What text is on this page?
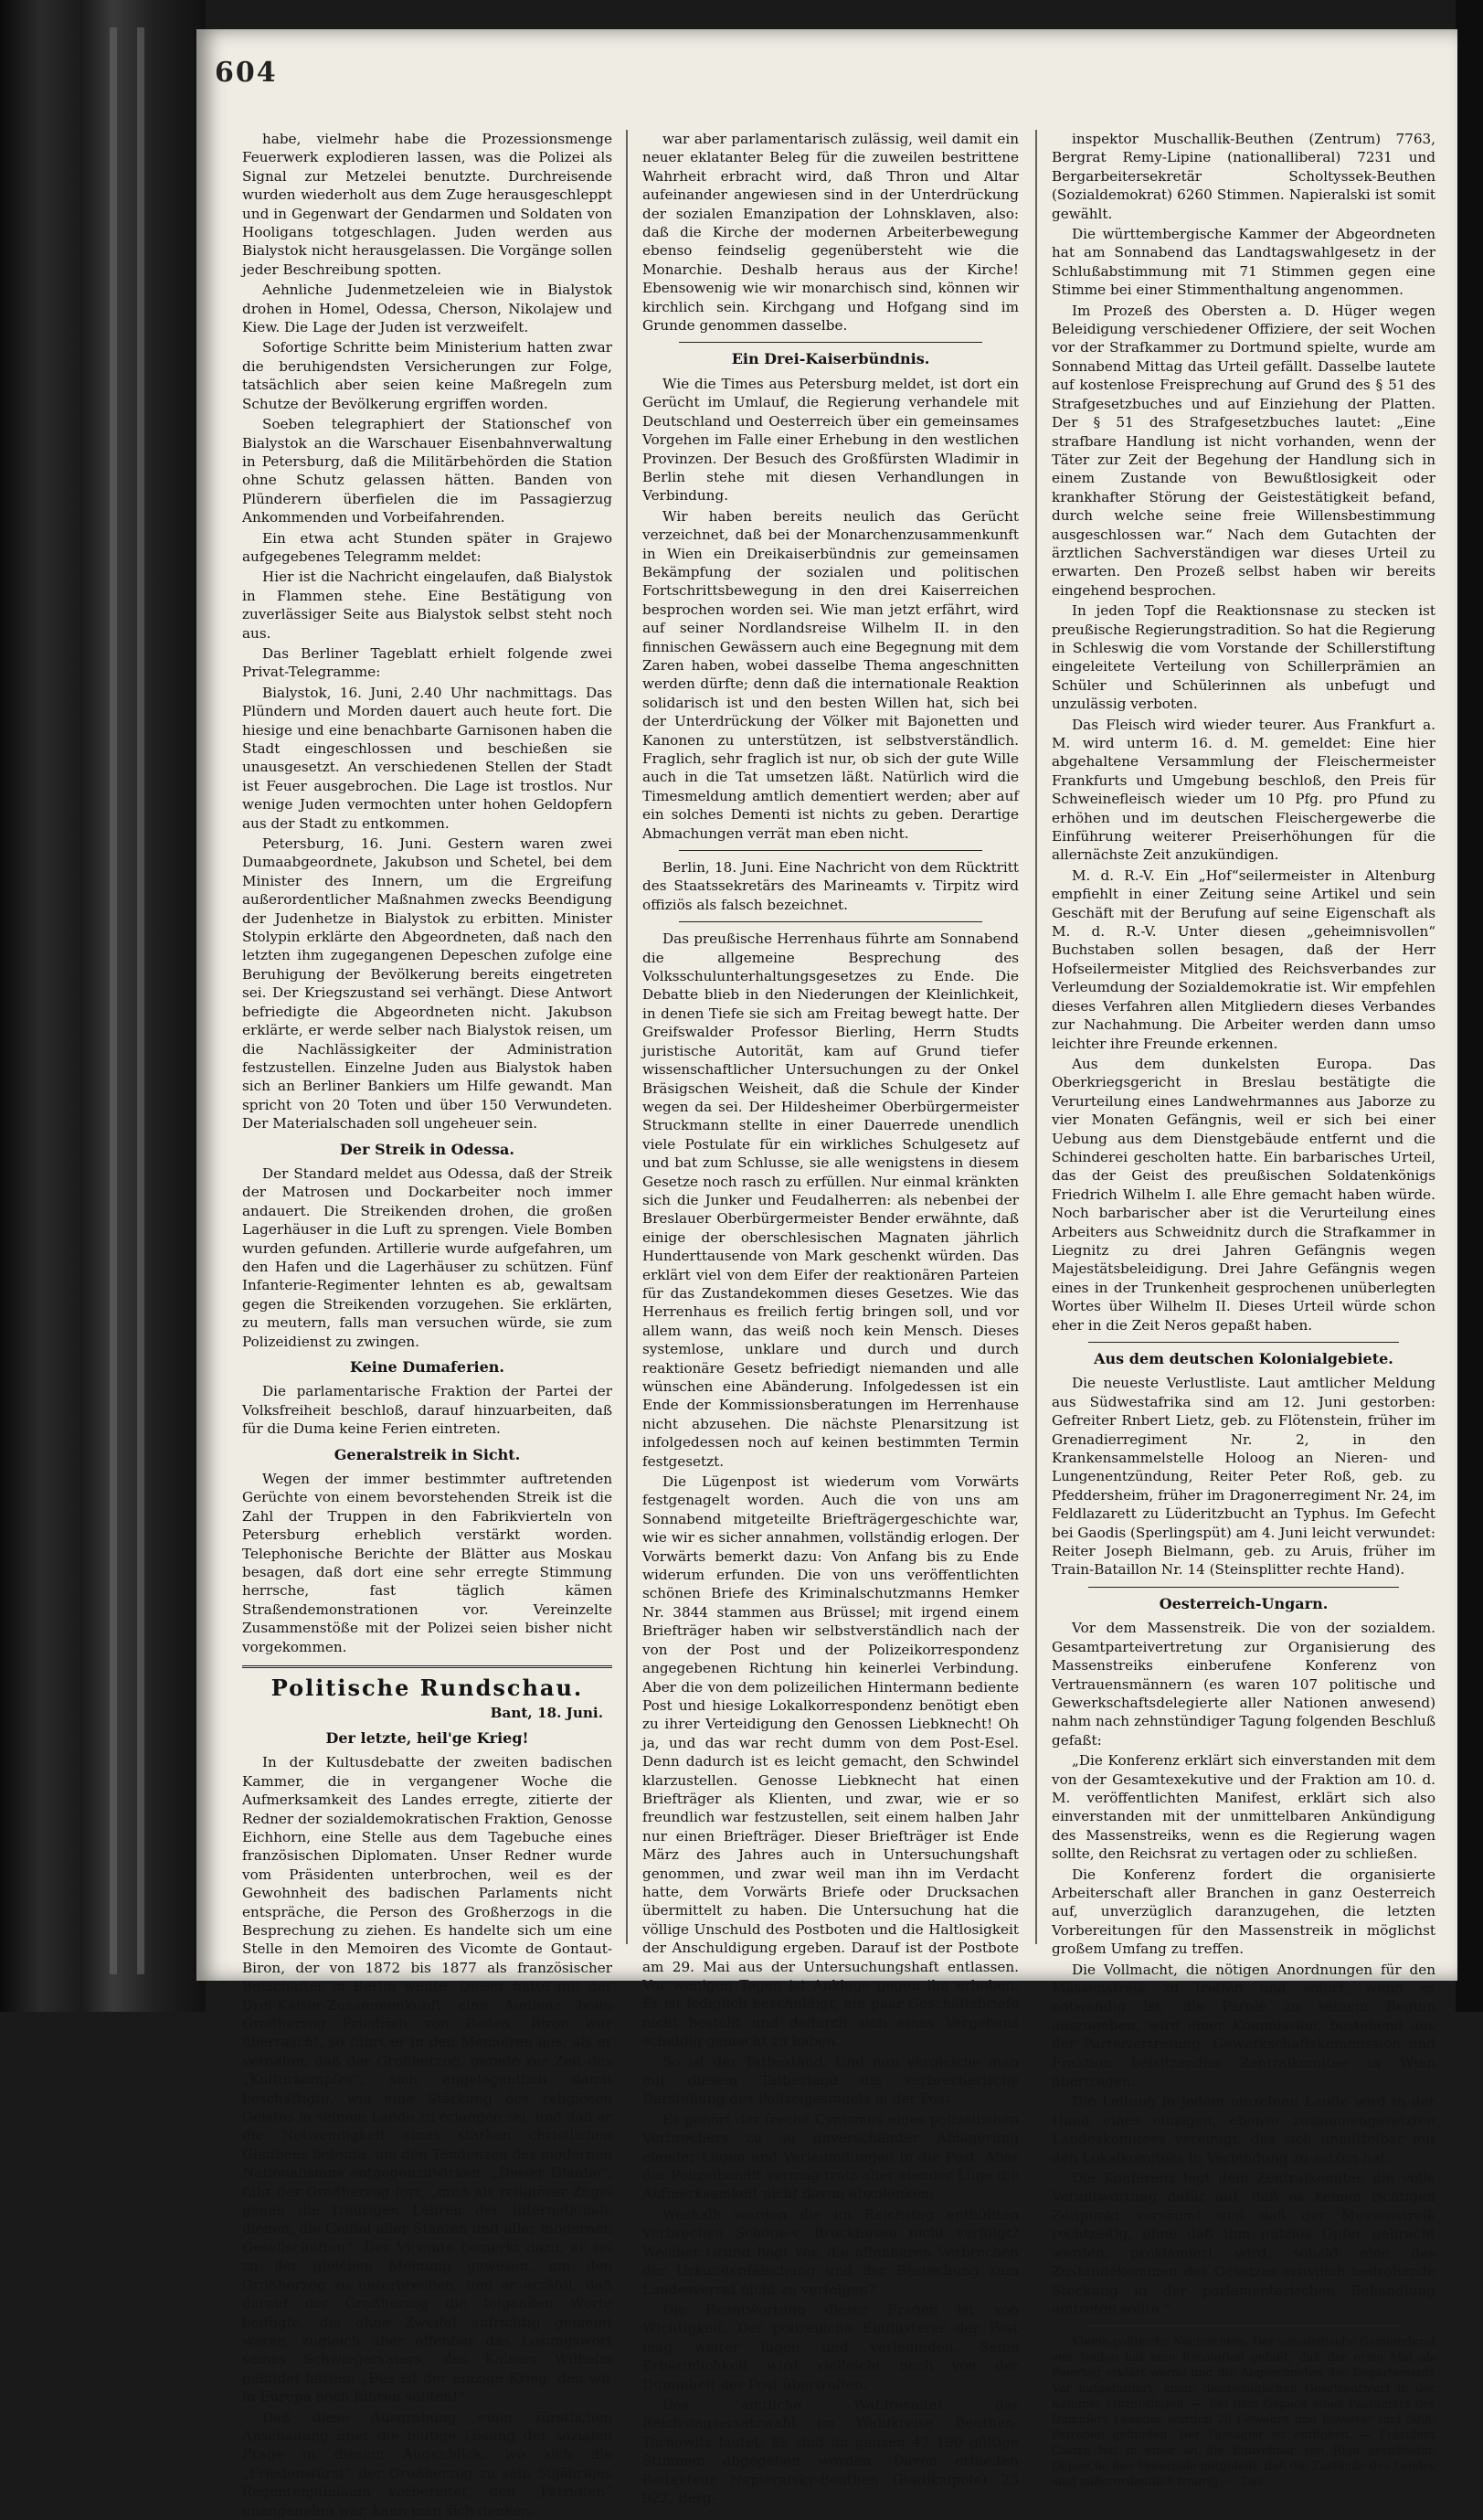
604

habe, vielmehr habe die Prozessionsmenge Feuerwerk explodieren lassen, was die Polizei als Signal zur Metzelei benutzte. Durchreisende wurden wiederholt aus dem Zuge herausgeschleppt und in Gegenwart der Gendarmen und Soldaten von Hooligans totgeschlagen. Juden werden aus Bialystok nicht herausgelassen. Die Vorgänge sollen jeder Beschreibung spotten.

Aehnliche Judenmetzeleien wie in Bialystok drohen in Homel, Odessa, Cherson, Nikolajew und Kiew. Die Lage der Juden ist verzweifelt.

Sofortige Schritte beim Ministerium hatten zwar die beruhigendsten Versicherungen zur Folge, tatsächlich aber seien keine Maßregeln zum Schutze der Bevölkerung ergriffen worden.

Soeben telegraphiert der Stationschef von Bialystok an die Warschauer Eisenbahnverwaltung in Petersburg, daß die Militärbehörden die Station ohne Schutz gelassen hätten. Banden von Plünderern überfielen die im Passagierzug Ankommenden und Vorbeifahrenden.

Ein etwa acht Stunden später in Grajewo aufgegebenes Telegramm meldet:

Hier ist die Nachricht eingelaufen, daß Bialystok in Flammen stehe. Eine Bestätigung von zuverlässiger Seite aus Bialystok selbst steht noch aus.

Das Berliner Tageblatt erhielt folgende zwei Privat-Telegramme:

Bialystok, 16. Juni, 2.40 Uhr nachmittags. Das Plündern und Morden dauert auch heute fort. Die hiesige und eine benachbarte Garnisonen haben die Stadt eingeschlossen und beschießen sie unausgesetzt. An verschiedenen Stellen der Stadt ist Feuer ausgebrochen. Die Lage ist trostlos. Nur wenige Juden vermochten unter hohen Geldopfern aus der Stadt zu entkommen.

Petersburg, 16. Juni. Gestern waren zwei Dumaabgeordnete, Jakubson und Schetel, bei dem Minister des Innern, um die Ergreifung außerordentlicher Maßnahmen zwecks Beendigung der Judenhetze in Bialystok zu erbitten. Minister Stolypin erklärte den Abgeordneten, daß nach den letzten ihm zugegangenen Depeschen zufolge eine Beruhigung der Bevölkerung bereits eingetreten sei. Der Kriegszustand sei verhängt. Diese Antwort befriedigte die Abgeordneten nicht. Jakubson erklärte, er werde selber nach Bialystok reisen, um die Nachlässigkeiter der Administration festzustellen. Einzelne Juden aus Bialystok haben sich an Berliner Bankiers um Hilfe gewandt. Man spricht von 20 Toten und über 150 Verwundeten. Der Materialschaden soll ungeheuer sein.

Der Streik in Odessa.

Der Standard meldet aus Odessa, daß der Streik der Matrosen und Dockarbeiter noch immer andauert. Die Streikenden drohen, die großen Lagerhäuser in die Luft zu sprengen. Viele Bomben wurden gefunden. Artillerie wurde aufgefahren, um den Hafen und die Lagerhäuser zu schützen. Fünf Infanterie-Regimenter lehnten es ab, gewaltsam gegen die Streikenden vorzugehen. Sie erklärten, zu meutern, falls man versuchen würde, sie zum Polizeidienst zu zwingen.

Keine Dumaferien.

Die parlamentarische Fraktion der Partei der Volksfreiheit beschloß, darauf hinzuarbeiten, daß für die Duma keine Ferien eintreten.

Generalstreik in Sicht.

Wegen der immer bestimmter auftretenden Gerüchte von einem bevorstehenden Streik ist die Zahl der Truppen in den Fabrikvierteln von Petersburg erheblich verstärkt worden. Telephonische Berichte der Blätter aus Moskau besagen, daß dort eine sehr erregte Stimmung herrsche, fast täglich kämen Straßendemonstrationen vor. Vereinzelte Zusammenstöße mit der Polizei seien bisher nicht vorgekommen.

Politische Rundschau.
Bant, 18. Juni.
Der letzte, heil'ge Krieg!

In der Kultusdebatte der zweiten badischen Kammer, die in vergangener Woche die Aufmerksamkeit des Landes erregte, zitierte der Redner der sozialdemokratischen Fraktion, Genosse Eichhorn, eine Stelle aus dem Tagebuche eines französischen Diplomaten. Unser Redner wurde vom Präsidenten unterbrochen, weil es der Gewohnheit des badischen Parlaments nicht entspräche, die Person des Großherzogs in die Besprechung zu ziehen. Es handelte sich um eine Stelle in den Memoiren des Vicomte de Gontaut-Biron, der von 1872 bis 1877 als französischer Botschafter in Berlin weilte. Dieser hatte mit der Drei-Kaiser-Zusammenkunft eine Audienz beim Großherzog Friedrich von Baden. Biron war überrascht, so führt er in den Memoiren aus, als er vernahm, daß der Großherzog, gerade zur Zeit des „Kulturkampfes“, sich angelegentlich damit beschäftigte, wie eine Stärkung des religiösen Geistes in seinem Lande zu erlangen sei, und daß er die Notwendigkeit eines starken christlichen Glaubens betonte, um den Tendenzen des modernen Nationalismus entgegenzuwirken. „Dieser Glaube“, fuhr der Großherzog fort, „muß als religiöser Zügel gegen die traurigen Lehren der Internationale dienen, die Geißel aller Staaten und aller modernen Gesellschaften“. Der Vicomte bemerkt dazu, er sei zu der gleichen Meinung gewesen, um den Großherzog zu unterbrechen, und er erzählt, daß darauf der Großherzog die folgenden Worte beifügte, die ohne Zweifel aufrichtig gemeint waren, zugleich aber offenbar das Losungswort seines Schwiegervaters, des Kaisers Wilhelm gebildet hätten: „Das ist der einzige Krieg, den wir in Europa noch führen sollten!“

Daß diese Ausgrabung einer fürstlichen Anschauung über die blutige Lösung der sozialen Frage in diesem Augenblick, wo sich die „Friedensfürst“ der Großherzog zu sein 50jähriges Regentenjubiläum vorbereitet, den „Patrioten“ unangenehm war, kann man sich denken.

war aber parlamentarisch zulässig, weil damit ein neuer eklatanter Beleg für die zuweilen bestrittene Wahrheit erbracht wird, daß Thron und Altar aufeinander angewiesen sind in der Unterdrückung der sozialen Emanzipation der Lohnsklaven, also: daß die Kirche der modernen Arbeiterbewegung ebenso feindselig gegenübersteht wie die Monarchie. Deshalb heraus aus der Kirche! Ebensowenig wie wir monarchisch sind, können wir kirchlich sein. Kirchgang und Hofgang sind im Grunde genommen dasselbe.

Ein Drei-Kaiserbündnis.

Wie die Times aus Petersburg meldet, ist dort ein Gerücht im Umlauf, die Regierung verhandele mit Deutschland und Oesterreich über ein gemeinsames Vorgehen im Falle einer Erhebung in den westlichen Provinzen. Der Besuch des Großfürsten Wladimir in Berlin stehe mit diesen Verhandlungen in Verbindung.

Wir haben bereits neulich das Gerücht verzeichnet, daß bei der Monarchenzusammenkunft in Wien ein Dreikaiserbündnis zur gemeinsamen Bekämpfung der sozialen und politischen Fortschrittsbewegung in den drei Kaiserreichen besprochen worden sei. Wie man jetzt erfährt, wird auf seiner Nordlandsreise Wilhelm II. in den finnischen Gewässern auch eine Begegnung mit dem Zaren haben, wobei dasselbe Thema angeschnitten werden dürfte; denn daß die internationale Reaktion solidarisch ist und den besten Willen hat, sich bei der Unterdrückung der Völker mit Bajonetten und Kanonen zu unterstützen, ist selbstverständlich. Fraglich, sehr fraglich ist nur, ob sich der gute Wille auch in die Tat umsetzen läßt. Natürlich wird die Timesmeldung amtlich dementiert werden; aber auf ein solches Dementi ist nichts zu geben. Derartige Abmachungen verrät man eben nicht.

Berlin, 18. Juni. Eine Nachricht von dem Rücktritt des Staatssekretärs des Marineamts v. Tirpitz wird offiziös als falsch bezeichnet.

Das preußische Herrenhaus führte am Sonnabend die allgemeine Besprechung des Volksschulunterhaltungsgesetzes zu Ende. Die Debatte blieb in den Niederungen der Kleinlichkeit, in denen Tiefe sie sich am Freitag bewegt hatte. Der Greifswalder Professor Bierling, Herrn Studts juristische Autorität, kam auf Grund tiefer wissenschaftlicher Untersuchungen zu der Onkel Bräsigschen Weisheit, daß die Schule der Kinder wegen da sei. Der Hildesheimer Oberbürgermeister Struckmann stellte in einer Dauerrede unendlich viele Postulate für ein wirkliches Schulgesetz auf und bat zum Schlusse, sie alle wenigstens in diesem Gesetze noch rasch zu erfüllen. Nur einmal kränkten sich die Junker und Feudalherren: als nebenbei der Breslauer Oberbürgermeister Bender erwähnte, daß einige der oberschlesischen Magnaten jährlich Hunderttausende von Mark geschenkt würden. Das erklärt viel von dem Eifer der reaktionären Parteien für das Zustandekommen dieses Gesetzes. Wie das Herrenhaus es freilich fertig bringen soll, und vor allem wann, das weiß noch kein Mensch. Dieses systemlose, unklare und durch und durch reaktionäre Gesetz befriedigt niemanden und alle wünschen eine Abänderung. Infolgedessen ist ein Ende der Kommissionsberatungen im Herrenhause nicht abzusehen. Die nächste Plenarsitzung ist infolgedessen noch auf keinen bestimmten Termin festgesetzt.

Die Lügenpost ist wiederum vom Vorwärts festgenagelt worden. Auch die von uns am Sonnabend mitgeteilte Briefträgergeschichte war, wie wir es sicher annahmen, vollständig erlogen. Der Vorwärts bemerkt dazu: Von Anfang bis zu Ende widerum erfunden. Die von uns veröffentlichten schönen Briefe des Kriminalschutzmanns Hemker Nr. 3844 stammen aus Brüssel; mit irgend einem Briefträger haben wir selbstverständlich nach der von der Post und der Polizeikorrespondenz angegebenen Richtung hin keinerlei Verbindung. Aber die von dem polizeilichen Hintermann bediente Post und hiesige Lokalkorrespondenz benötigt eben zu ihrer Verteidigung den Genossen Liebknecht! Oh ja, und das war recht dumm von dem Post-Esel. Denn dadurch ist es leicht gemacht, den Schwindel klarzustellen. Genosse Liebknecht hat einen Briefträger als Klienten, und zwar, wie er so freundlich war festzustellen, seit einem halben Jahr nur einen Briefträger. Dieser Briefträger ist Ende März des Jahres auch in Untersuchungshaft genommen, und zwar weil man ihn im Verdacht hatte, dem Vorwärts Briefe oder Drucksachen übermittelt zu haben. Die Untersuchung hat die völlige Unschuld des Postboten und die Haltlosigkeit der Anschuldigung ergeben. Darauf ist der Postbote am 29. Mai aus der Untersuchungshaft entlassen. Vor wenigen Tagen ist Anklage gegen ihn erhoben. Er ist lediglich beschuldigt, ein paar Geschäftsbriefe nicht bestellt und dadurch sich eines Vergehens schuldig gemacht zu haben.

So ist der Tatbestand. Und nun vergleiche man mit diesem Tatbestand die verbrecherische Darstellung des Polizeigesindels in der Post.

Es gehört der freche Cynismus eines polizeilichen Verbrechers zu so unverschämter Ablagerung elender Lügen und Verleumdungen in die Post. Aber der Polizeibandit vermag trotz aller elender Lüge die Aufmerksamkeit nicht davon abzulenken:

Weshalb werden die im Reichstag enthüllten Verbrechen Schöne-v. Brockhusen nicht verfolgt? Welcher Grund liegt vor, die offenbaren Verbrechen der Urkundenfälschung und der Bestechung zum Landesverrat nicht zu verfolgen?

Die Beantwortung dieser Fragen ist von Wichtigkeit. Der polizeiliche Einflüsterer der Post mag weiter lügen und verleumden. Seine Erbärmlichkeit wird vielleicht noch von der Dummheit der Post übertroffen.

Das amtliche Wahlresultat der Reichstagsersatzwahl im Wahlkreise Beuthen-Tarnowitz lautet: Es sind im ganzen 47 190 gültige Stimmen abgegeben worden. Davon erhielten Redakteur Napieralsky-Beuthen (Radikalpole) 25 922, Berg-

inspektor Muschallik-Beuthen (Zentrum) 7763, Bergrat Remy-Lipine (nationalliberal) 7231 und Bergarbeitersekretär Scholtyssek-Beuthen (Sozialdemokrat) 6260 Stimmen. Napieralski ist somit gewählt.

Die württembergische Kammer der Abgeordneten hat am Sonnabend das Landtagswahlgesetz in der Schlußabstimmung mit 71 Stimmen gegen eine Stimme bei einer Stimmenthaltung angenommen.

Im Prozeß des Obersten a. D. Hüger wegen Beleidigung verschiedener Offiziere, der seit Wochen vor der Strafkammer zu Dortmund spielte, wurde am Sonnabend Mittag das Urteil gefällt. Dasselbe lautete auf kostenlose Freisprechung auf Grund des § 51 des Strafgesetzbuches und auf Einziehung der Platten. Der § 51 des Strafgesetzbuches lautet: „Eine strafbare Handlung ist nicht vorhanden, wenn der Täter zur Zeit der Begehung der Handlung sich in einem Zustande von Bewußtlosigkeit oder krankhafter Störung der Geistestätigkeit befand, durch welche seine freie Willensbestimmung ausgeschlossen war.“ Nach dem Gutachten der ärztlichen Sachverständigen war dieses Urteil zu erwarten. Den Prozeß selbst haben wir bereits eingehend besprochen.

In jeden Topf die Reaktionsnase zu stecken ist preußische Regierungstradition. So hat die Regierung in Schleswig die vom Vorstande der Schillerstiftung eingeleitete Verteilung von Schillerprämien an Schüler und Schülerinnen als unbefugt und unzulässig verboten.

Das Fleisch wird wieder teurer. Aus Frankfurt a. M. wird unterm 16. d. M. gemeldet: Eine hier abgehaltene Versammlung der Fleischermeister Frankfurts und Umgebung beschloß, den Preis für Schweinefleisch wieder um 10 Pfg. pro Pfund zu erhöhen und im deutschen Fleischergewerbe die Einführung weiterer Preiserhöhungen für die allernächste Zeit anzukündigen.

M. d. R.-V. Ein „Hof“seilermeister in Altenburg empfiehlt in einer Zeitung seine Artikel und sein Geschäft mit der Berufung auf seine Eigenschaft als M. d. R.-V. Unter diesen „geheimnisvollen“ Buchstaben sollen besagen, daß der Herr Hofseilermeister Mitglied des Reichsverbandes zur Verleumdung der Sozialdemokratie ist. Wir empfehlen dieses Verfahren allen Mitgliedern dieses Verbandes zur Nachahmung. Die Arbeiter werden dann umso leichter ihre Freunde erkennen.

Aus dem dunkelsten Europa. Das Oberkriegsgericht in Breslau bestätigte die Verurteilung eines Landwehrmannes aus Jaborze zu vier Monaten Gefängnis, weil er sich bei einer Uebung aus dem Dienstgebäude entfernt und die Schinderei gescholten hatte. Ein barbarisches Urteil, das der Geist des preußischen Soldatenkönigs Friedrich Wilhelm I. alle Ehre gemacht haben würde. Noch barbarischer aber ist die Verurteilung eines Arbeiters aus Schweidnitz durch die Strafkammer in Liegnitz zu drei Jahren Gefängnis wegen Majestätsbeleidigung. Drei Jahre Gefängnis wegen eines in der Trunkenheit gesprochenen unüberlegten Wortes über Wilhelm II. Dieses Urteil würde schon eher in die Zeit Neros gepaßt haben.

Aus dem deutschen Kolonialgebiete.

Die neueste Verlustliste. Laut amtlicher Meldung aus Südwestafrika sind am 12. Juni gestorben: Gefreiter Rnbert Lietz, geb. zu Flötenstein, früher im Grenadierregiment Nr. 2, in den Krankensammelstelle Holoog an Nieren- und Lungenentzündung, Reiter Peter Roß, geb. zu Pfeddersheim, früher im Dragonerregiment Nr. 24, im Feldlazarett zu Lüderitzbucht an Typhus. Im Gefecht bei Gaodis (Sperlingspüt) am 4. Juni leicht verwundet: Reiter Joseph Bielmann, geb. zu Aruis, früher im Train-Bataillon Nr. 14 (Steinsplitter rechte Hand).

Oesterreich-Ungarn.

Vor dem Massenstreik. Die von der sozialdem. Gesamtparteivertretung zur Organisierung des Massenstreiks einberufene Konferenz von Vertrauensmännern (es waren 107 politische und Gewerkschaftsdelegierte aller Nationen anwesend) nahm nach zehnstündiger Tagung folgenden Beschluß gefaßt:

„Die Konferenz erklärt sich einverstanden mit dem von der Gesamtexekutive und der Fraktion am 10. d. M. veröffentlichten Manifest, erklärt sich also einverstanden mit der unmittelbaren Ankündigung des Massenstreiks, wenn es die Regierung wagen sollte, den Reichsrat zu vertagen oder zu schließen.

Die Konferenz fordert die organisierte Arbeiterschaft aller Branchen in ganz Oesterreich auf, unverzüglich daranzugehen, die letzten Vorbereitungen für den Massenstreik in möglichst großem Umfang zu treffen.

Die Vollmacht, die nötigen Anordnungen für den Massenstreik zu treffen und sofort, wenn es notwendig ist, die Parole zu seinem Beginn auszugeben, wird einer Kommission, bestehend aus der Parteivertretung, Gewerkschaftskommission und Fraktion beisitzenden Zentralkomitee in Wien übertragen.

Die Leitung in jedem einzelnen Lande wird in der Hand eines einzigen, ebenso zusammengesetzten Landeskomitees vereinigt, das sich unmittelbar mit den Lokalkomitees in Verbindung zu setzen hat.

Die Konferenz legt dem Zentralkomitee die volle Verantwortung dafür auf, daß es keinen richtigen Zeitpunkt versäumt und daß der Massenstreik rechtzeitig, ohne daß ihm nutzlos Opfer gebracht werden, proklamiert wird, sobald eine das Zustandekommen des Gesetzes ernstlich bedrohende Stockung in der parlamentarischen Behandlung eintreten sollte.“

Kleine politische Nachrichten. Der sozialistische Gemeinderat von Toulon hat eine Resolution gefaßt, daß der erste Mai als Feiertag erklärt werde und die Abgeordneten des Departements Var aufgefordert, einen diesbezüglichen Gesetzentwurf in der Kammer einzubringen. — Bei dem Gepäck eines Passagiers des Dampfers Leander wurden 26 Gewehre und Revolver und 5000 Patronen gefunden. Der Passagier ist entflohen. — Präsident Castro hat in einer an die Einwohner von Riga gerichteten Depesche den Venezuela mitgeteilt, daß die Zustände des Landes sind außerordentlich traurig. — Das
